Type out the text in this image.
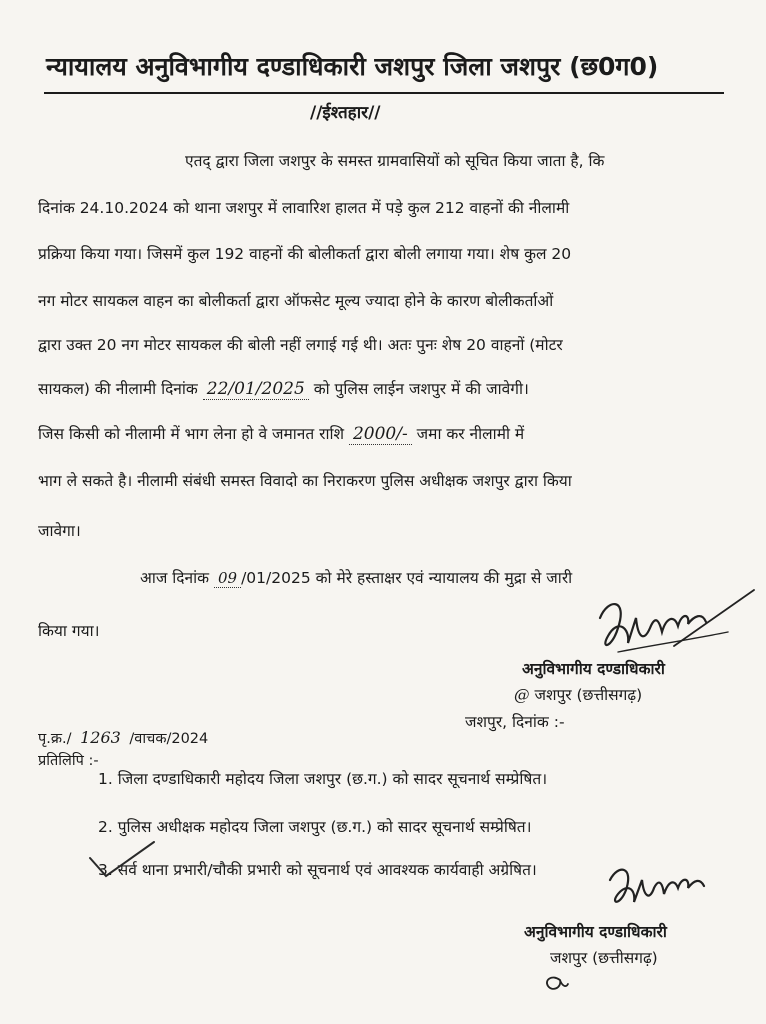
न्यायालय अनुविभागीय दण्डाधिकारी जशपुर जिला जशपुर (छ0ग0)
//ईश्तहार//
एतद् द्वारा जिला जशपुर के समस्त ग्रामवासियों को सूचित किया जाता है, कि
दिनांक 24.10.2024 को थाना जशपुर में लावारिश हालत में पड़े कुल 212 वाहनों की नीलामी
प्रक्रिया किया गया। जिसमें कुल 192 वाहनों की बोलीकर्ता द्वारा बोली लगाया गया। शेष कुल 20
नग मोटर सायकल वाहन का बोलीकर्ता द्वारा ऑफसेट मूल्य ज्यादा होने के कारण बोलीकर्ताओं
द्वारा उक्त 20 नग मोटर सायकल की बोली नहीं लगाई गई थी। अतः पुनः शेष 20 वाहनों (मोटर
सायकल) की नीलामी दिनांक 22/01/2025 को पुलिस लाईन जशपुर में की जावेगी।
जिस किसी को नीलामी में भाग लेना हो वे जमानत राशि 2000/- जमा कर नीलामी में
भाग ले सकते है। नीलामी संबंधी समस्त विवादो का निराकरण पुलिस अधीक्षक जशपुर द्वारा किया
जावेगा।
आज दिनांक 09 /01/2025 को मेरे हस्ताक्षर एवं न्यायालय की मुद्रा से जारी
किया गया।
अनुविभागीय दण्डाधिकारी
@ जशपुर (छत्तीसगढ़)
जशपुर, दिनांक :-
पृ.क्र./ 1263 /वाचक/2024
प्रतिलिपि :-
1. जिला दण्डाधिकारी महोदय जिला जशपुर (छ.ग.) को सादर सूचनार्थ सम्प्रेषित।
2. पुलिस अधीक्षक महोदय जिला जशपुर (छ.ग.) को सादर सूचनार्थ सम्प्रेषित।
3. सर्व थाना प्रभारी/चौकी प्रभारी को सूचनार्थ एवं आवश्यक कार्यवाही अग्रेषित।
अनुविभागीय दण्डाधिकारी
जशपुर (छत्तीसगढ़)
